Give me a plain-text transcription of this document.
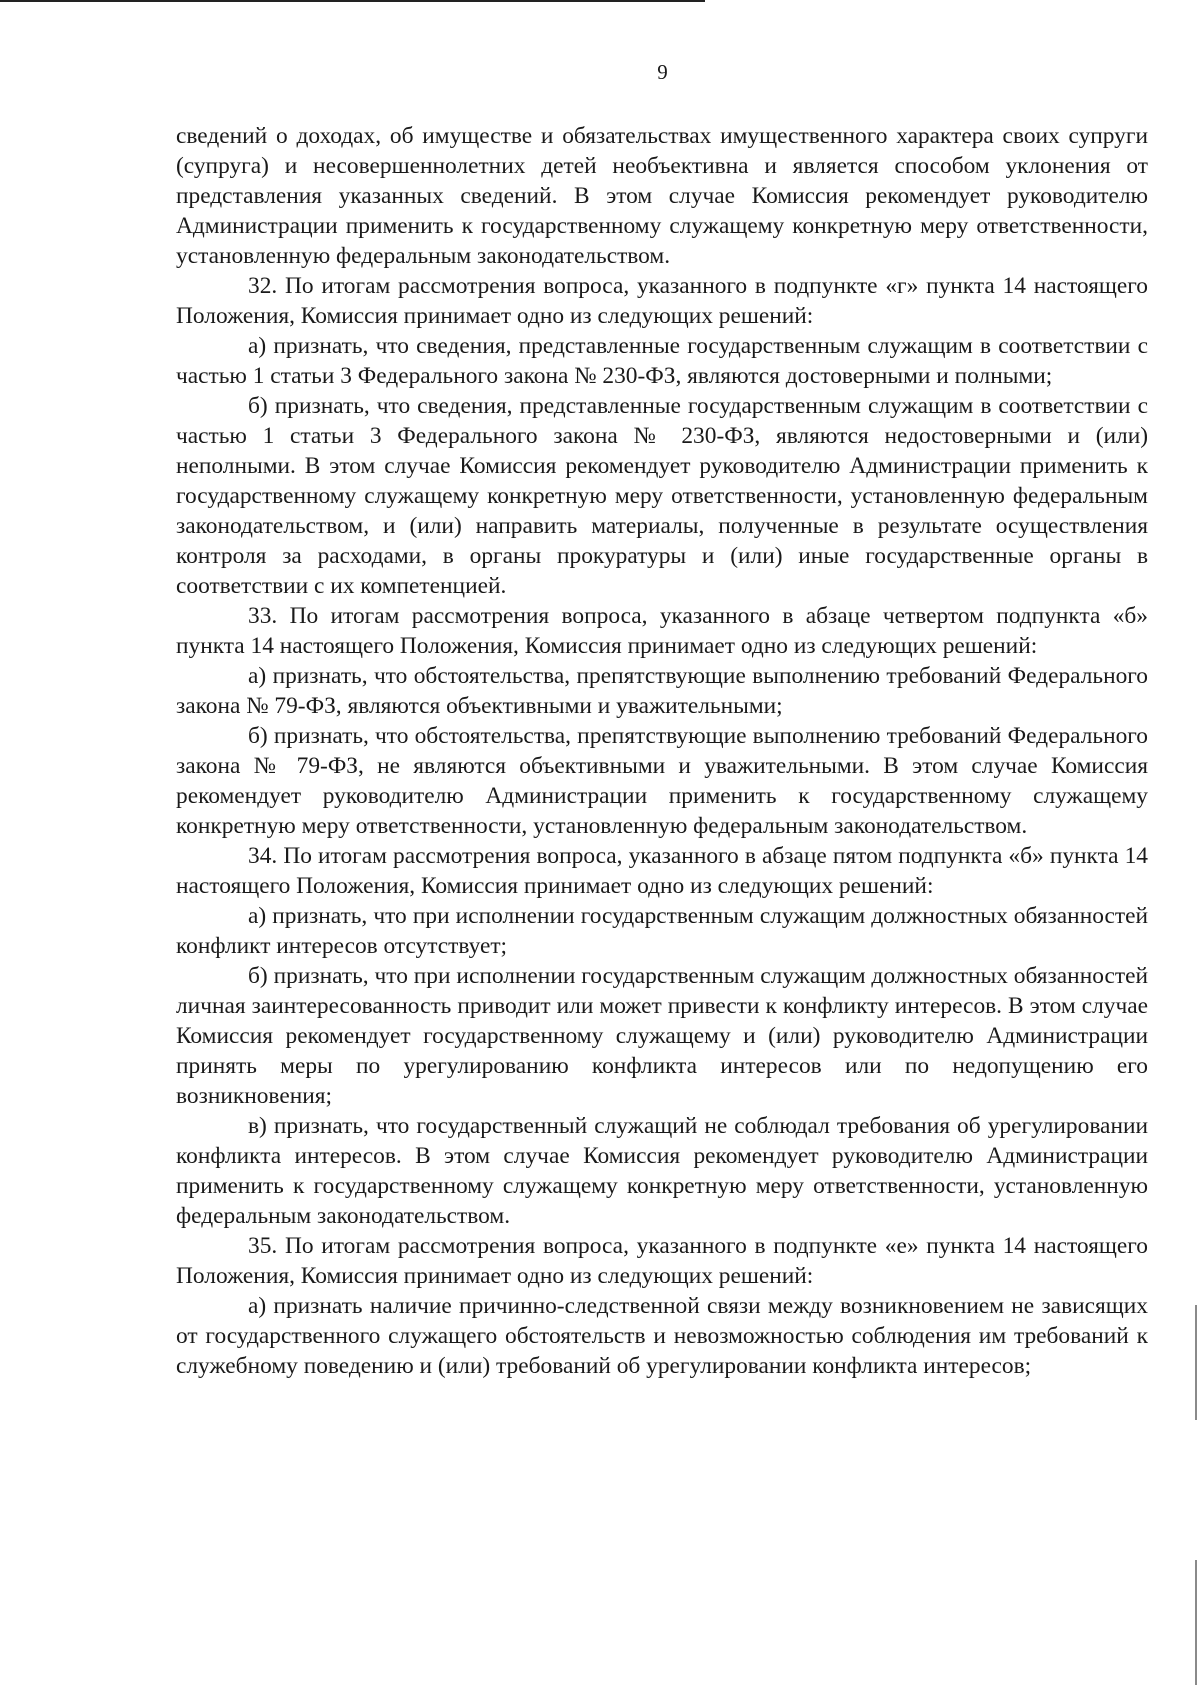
9

сведений о доходах, об имуществе и обязательствах имущественного характера своих супруги (супруга) и несовершеннолетних детей необъективна и является способом уклонения от представления указанных сведений. В этом случае Комиссия рекомендует руководителю Администрации применить к государственному служащему конкретную меру ответственности, установленную федеральным законодательством.

32. По итогам рассмотрения вопроса, указанного в подпункте «г» пункта 14 настоящего Положения, Комиссия принимает одно из следующих решений:

а) признать, что сведения, представленные государственным служащим в соответствии с частью 1 статьи 3 Федерального закона № 230-ФЗ, являются достоверными и полными;

б) признать, что сведения, представленные государственным служащим в соответствии с частью 1 статьи 3 Федерального закона № 230-ФЗ, являются недостоверными и (или) неполными. В этом случае Комиссия рекомендует руководителю Администрации применить к государственному служащему конкретную меру ответственности, установленную федеральным законодательством, и (или) направить материалы, полученные в результате осуществления контроля за расходами, в органы прокуратуры и (или) иные государственные органы в соответствии с их компетенцией.

33. По итогам рассмотрения вопроса, указанного в абзаце четвертом подпункта «б» пункта 14 настоящего Положения, Комиссия принимает одно из следующих решений:

а) признать, что обстоятельства, препятствующие выполнению требований Федерального закона № 79-ФЗ, являются объективными и уважительными;

б) признать, что обстоятельства, препятствующие выполнению требований Федерального закона № 79-ФЗ, не являются объективными и уважительными. В этом случае Комиссия рекомендует руководителю Администрации применить к государственному служащему конкретную меру ответственности, установленную федеральным законодательством.

34. По итогам рассмотрения вопроса, указанного в абзаце пятом подпункта «б» пункта 14 настоящего Положения, Комиссия принимает одно из следующих решений:

а) признать, что при исполнении государственным служащим должностных обязанностей конфликт интересов отсутствует;

б) признать, что при исполнении государственным служащим должностных обязанностей личная заинтересованность приводит или может привести к конфликту интересов. В этом случае Комиссия рекомендует государственному служащему и (или) руководителю Администрации принять меры по урегулированию конфликта интересов или по недопущению его возникновения;

в) признать, что государственный служащий не соблюдал требования об урегулировании конфликта интересов. В этом случае Комиссия рекомендует руководителю Администрации применить к государственному служащему конкретную меру ответственности, установленную федеральным законодательством.

35. По итогам рассмотрения вопроса, указанного в подпункте «е» пункта 14 настоящего Положения, Комиссия принимает одно из следующих решений:

а) признать наличие причинно-следственной связи между возникновением не зависящих от государственного служащего обстоятельств и невозможностью соблюдения им требований к служебному поведению и (или) требований об урегулировании конфликта интересов;
